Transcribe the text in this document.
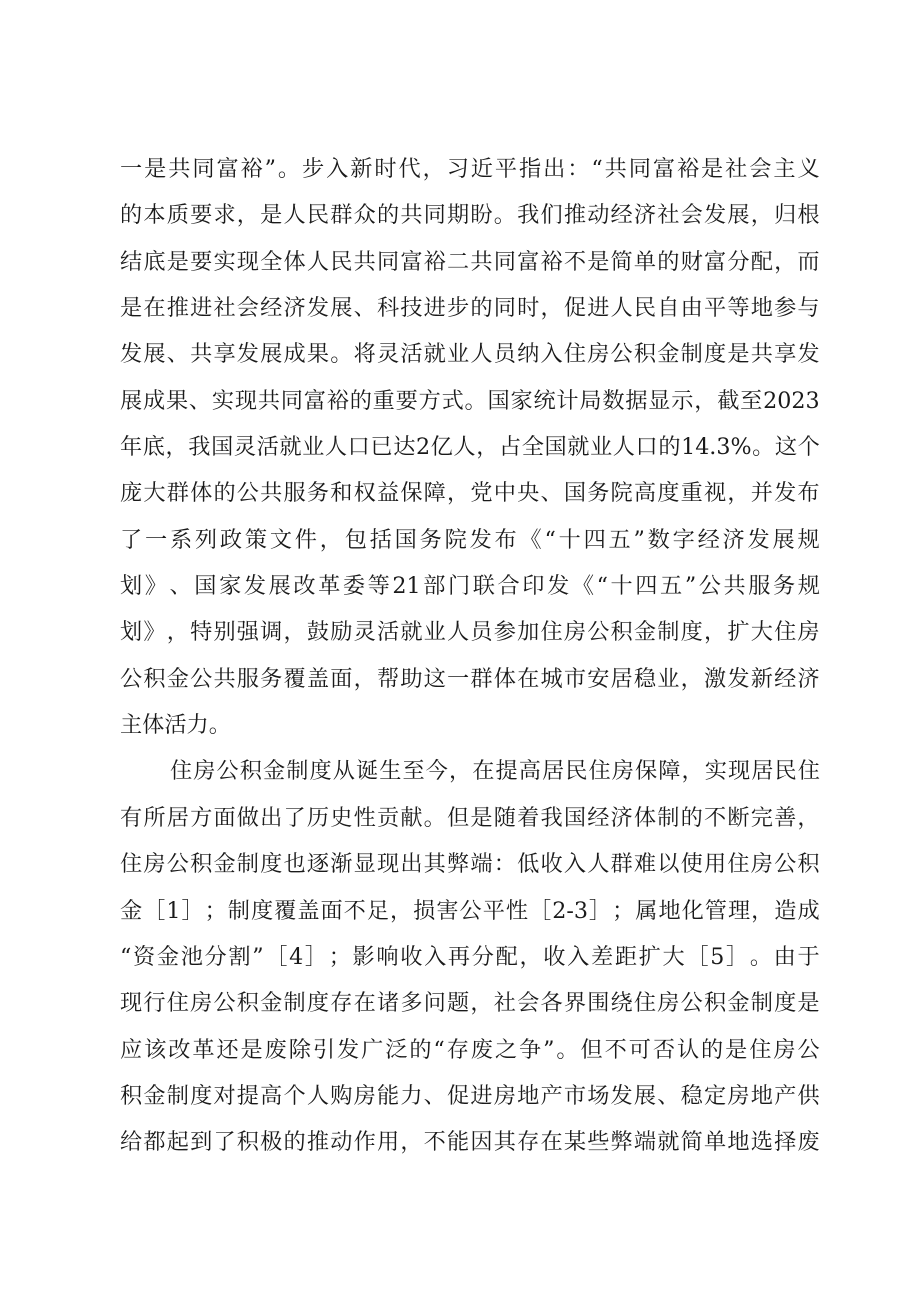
一 是 共 同 富 裕 ” 。 步 入 新 时 代 ， 习 近 平 指 出 ： “ 共 同 富 裕 是 社 会 主 义
的 本 质 要 求 ， 是 人 民 群 众 的 共 同 期 盼 。 我 们 推 动 经 济 社 会 发 展 ， 归 根
结 底 是 要 实 现 全 体 人 民 共 同 富 裕 二 共 同 富 裕 不 是 简 单 的 财 富 分 配 ， 而
是 在 推 进 社 会 经 济 发 展 、 科 技 进 步 的 同 时 ， 促 进 人 民 自 由 平 等 地 参 与
发 展 、 共 享 发 展 成 果 。 将 灵 活 就 业 人 员 纳 入 住 房 公 积 金 制 度 是 共 享 发
展 成 果 、 实 现 共 同 富 裕 的 重 要 方 式 。 国 家 统 计 局 数 据 显 示 ， 截 至 2023
年 底 ， 我 国 灵 活 就 业 人 口 已 达 2 亿 人 ， 占 全 国 就 业 人 口 的 14.3% 。 这 个
庞 大 群 体 的 公 共 服 务 和 权 益 保 障 ， 党 中 央 、 国 务 院 高 度 重 视 ， 并 发 布
了 一 系 列 政 策 文 件 ， 包 括 国 务 院 发 布 《 “ 十 四 五 ” 数 字 经 济 发 展 规
划 》 、 国 家 发 展 改 革 委 等 21 部 门 联 合 印 发 《 “ 十 四 五 ” 公 共 服 务 规
划 》 ， 特 别 强 调 ， 鼓 励 灵 活 就 业 人 员 参 加 住 房 公 积 金 制 度 ， 扩 大 住 房
公 积 金 公 共 服 务 覆 盖 面 ， 帮 助 这 一 群 体 在 城 市 安 居 稳 业 ， 激 发 新 经 济
主体活力。
住 房 公 积 金 制 度 从 诞 生 至 今 ， 在 提 高 居 民 住 房 保 障 ， 实 现 居 民 住
有 所 居 方 面 做 出 了 历 史 性 贡 献 。 但 是 随 着 我 国 经 济 体 制 的 不 断 完 善 ，
住 房 公 积 金 制 度 也 逐 渐 显 现 出 其 弊 端 ： 低 收 入 人 群 难 以 使 用 住 房 公 积
金 ［ 1 ］ ； 制 度 覆 盖 面 不 足 ， 损 害 公 平 性 ［ 2-3 ］ ； 属 地 化 管 理 ， 造 成
“ 资 金 池 分 割 ” ［ 4 ］ ； 影 响 收 入 再 分 配 ， 收 入 差 距 扩 大 ［ 5 ］ 。 由 于
现 行 住 房 公 积 金 制 度 存 在 诸 多 问 题 ， 社 会 各 界 围 绕 住 房 公 积 金 制 度 是
应 该 改 革 还 是 废 除 引 发 广 泛 的 “ 存 废 之 争 ” 。 但 不 可 否 认 的 是 住 房 公
积 金 制 度 对 提 高 个 人 购 房 能 力 、 促 进 房 地 产 市 场 发 展 、 稳 定 房 地 产 供
给 都 起 到 了 积 极 的 推 动 作 用 ， 不 能 因 其 存 在 某 些 弊 端 就 简 单 地 选 择 废
